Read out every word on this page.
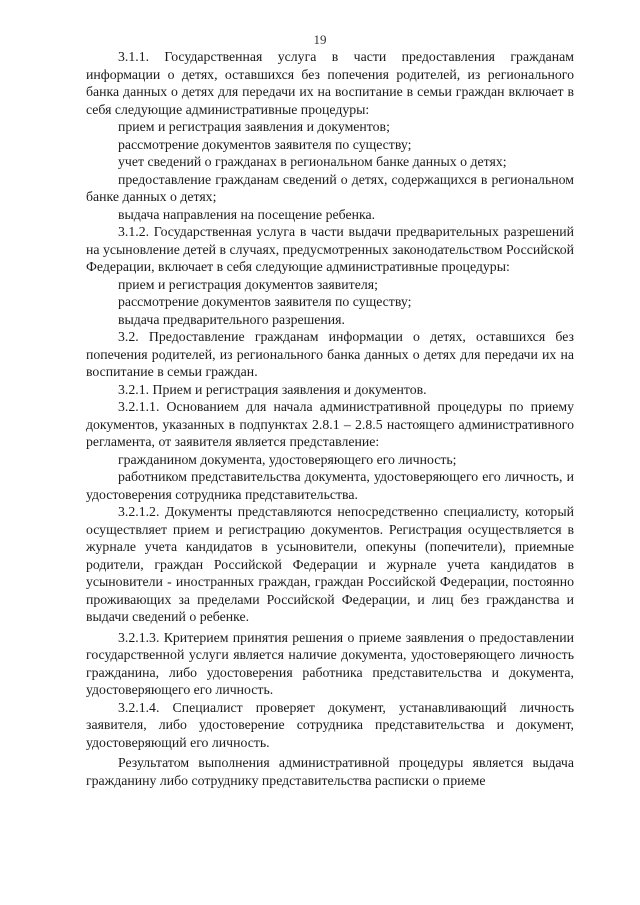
19

3.1.1. Государственная услуга в части предоставления гражданам информации о детях, оставшихся без попечения родителей, из регионального банка данных о детях для передачи их на воспитание в семьи граждан включает в себя следующие административные процедуры:

прием и регистрация заявления и документов;

рассмотрение документов заявителя по существу;

учет сведений о гражданах в региональном банке данных о детях;

предоставление гражданам сведений о детях, содержащихся в региональном банке данных о детях;

выдача направления на посещение ребенка.

3.1.2. Государственная услуга в части выдачи предварительных разрешений на усыновление детей в случаях, предусмотренных законодательством Российской Федерации, включает в себя следующие административные процедуры:

прием и регистрация документов заявителя;

рассмотрение документов заявителя по существу;

выдача предварительного разрешения.

3.2. Предоставление гражданам информации о детях, оставшихся без попечения родителей, из регионального банка данных о детях для передачи их на воспитание в семьи граждан.

3.2.1. Прием и регистрация заявления и документов.

3.2.1.1. Основанием для начала административной процедуры по приему документов, указанных в подпунктах 2.8.1 – 2.8.5 настоящего административного регламента, от заявителя является представление:

гражданином документа, удостоверяющего его личность;

работником представительства документа, удостоверяющего его личность, и удостоверения сотрудника представительства.

3.2.1.2. Документы представляются непосредственно специалисту, который осуществляет прием и регистрацию документов. Регистрация осуществляется в журнале учета кандидатов в усыновители, опекуны (попечители), приемные родители, граждан Российской Федерации и журнале учета кандидатов в усыновители - иностранных граждан, граждан Российской Федерации, постоянно проживающих за пределами Российской Федерации, и лиц без гражданства и выдачи сведений о ребенке.

3.2.1.3. Критерием принятия решения о приеме заявления о предоставлении государственной услуги является наличие документа, удостоверяющего личность гражданина, либо удостоверения работника представительства и документа, удостоверяющего его личность.

3.2.1.4. Специалист проверяет документ, устанавливающий личность заявителя, либо удостоверение сотрудника представительства и документ, удостоверяющий его личность.

Результатом выполнения административной процедуры является выдача гражданину либо сотруднику представительства расписки о приеме
